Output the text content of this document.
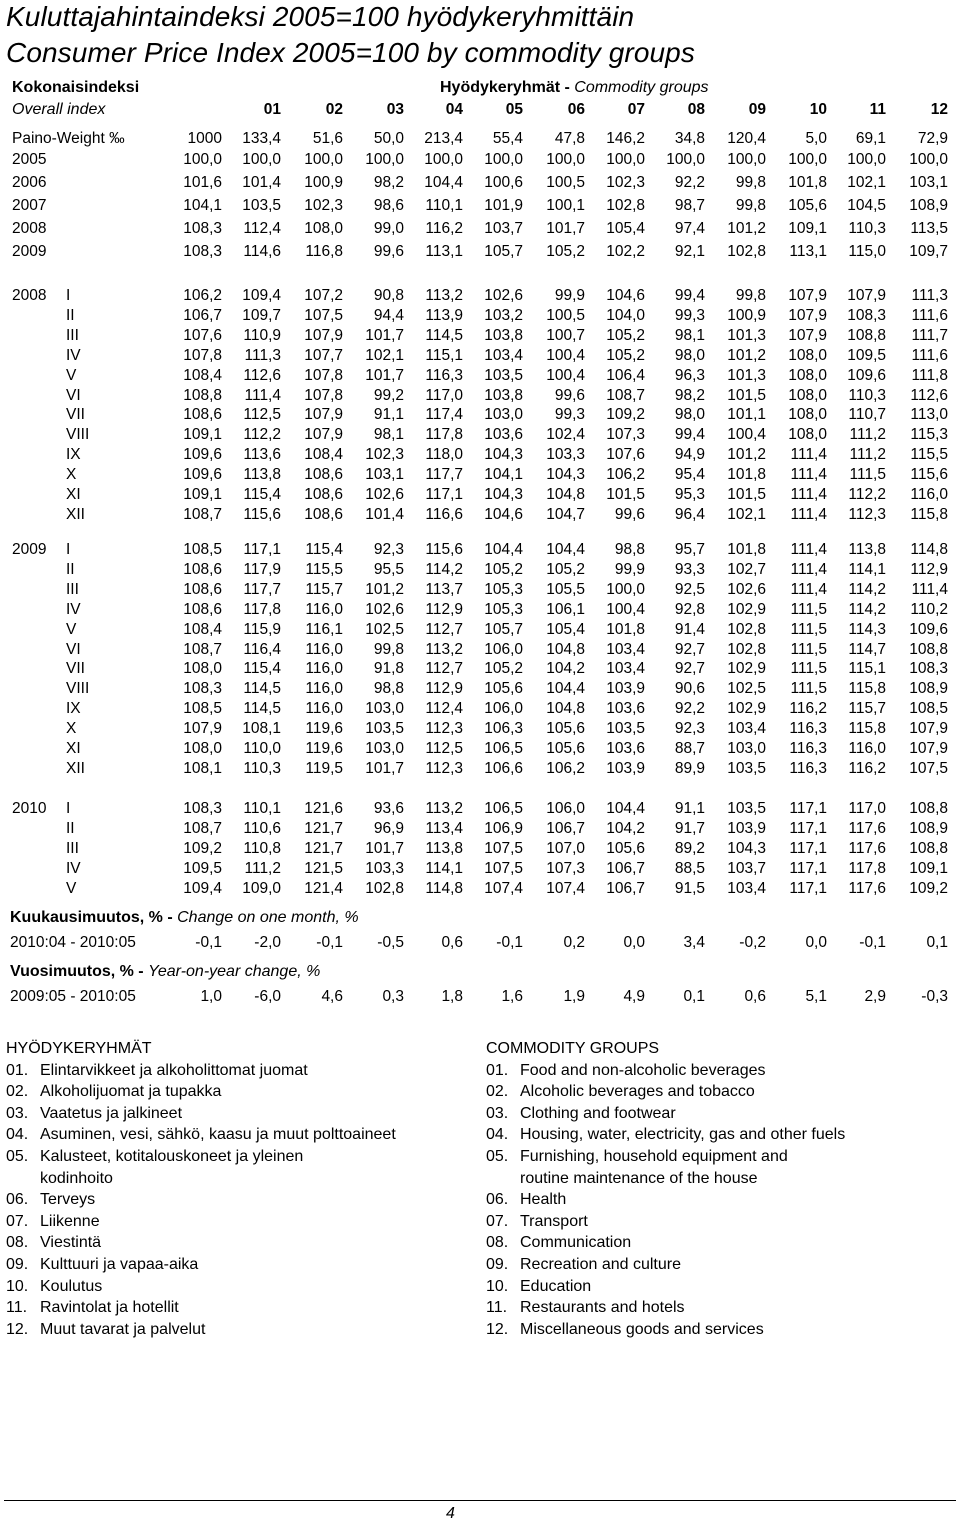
Kuluttajahintaindeksi 2005=100 hyödykeryhmittäin
Consumer Price Index 2005=100 by commodity groups
Kokonaisindeksi
Overall index
Hyödykeryhmät - Commodity groups
01	02	03	04	05	06	07	08	09	10	11	12
Paino-Weight ‰	1000	133,4	51,6	50,0	213,4	55,4	47,8	146,2	34,8	120,4	5,0	69,1	72,9
2005	100,0	100,0	100,0	100,0	100,0	100,0	100,0	100,0	100,0	100,0	100,0	100,0	100,0
2006	101,6	101,4	100,9	98,2	104,4	100,6	100,5	102,3	92,2	99,8	101,8	102,1	103,1
2007	104,1	103,5	102,3	98,6	110,1	101,9	100,1	102,8	98,7	99,8	105,6	104,5	108,9
2008	108,3	112,4	108,0	99,0	116,2	103,7	101,7	105,4	97,4	101,2	109,1	110,3	113,5
2009	108,3	114,6	116,8	99,6	113,1	105,7	105,2	102,2	92,1	102,8	113,1	115,0	109,7
2008 I	106,2	109,4	107,2	90,8	113,2	102,6	99,9	104,6	99,4	99,8	107,9	107,9	111,3
II	106,7	109,7	107,5	94,4	113,9	103,2	100,5	104,0	99,3	100,9	107,9	108,3	111,6
III	107,6	110,9	107,9	101,7	114,5	103,8	100,7	105,2	98,1	101,3	107,9	108,8	111,7
IV	107,8	111,3	107,7	102,1	115,1	103,4	100,4	105,2	98,0	101,2	108,0	109,5	111,6
V	108,4	112,6	107,8	101,7	116,3	103,5	100,4	106,4	96,3	101,3	108,0	109,6	111,8
VI	108,8	111,4	107,8	99,2	117,0	103,8	99,6	108,7	98,2	101,5	108,0	110,3	112,6
VII	108,6	112,5	107,9	91,1	117,4	103,0	99,3	109,2	98,0	101,1	108,0	110,7	113,0
VIII	109,1	112,2	107,9	98,1	117,8	103,6	102,4	107,3	99,4	100,4	108,0	111,2	115,3
IX	109,6	113,6	108,4	102,3	118,0	104,3	103,3	107,6	94,9	101,2	111,4	111,2	115,5
X	109,6	113,8	108,6	103,1	117,7	104,1	104,3	106,2	95,4	101,8	111,4	111,5	115,6
XI	109,1	115,4	108,6	102,6	117,1	104,3	104,8	101,5	95,3	101,5	111,4	112,2	116,0
XII	108,7	115,6	108,6	101,4	116,6	104,6	104,7	99,6	96,4	102,1	111,4	112,3	115,8
2009 I	108,5	117,1	115,4	92,3	115,6	104,4	104,4	98,8	95,7	101,8	111,4	113,8	114,8
II	108,6	117,9	115,5	95,5	114,2	105,2	105,2	99,9	93,3	102,7	111,4	114,1	112,9
III	108,6	117,7	115,7	101,2	113,7	105,3	105,5	100,0	92,5	102,6	111,4	114,2	111,4
IV	108,6	117,8	116,0	102,6	112,9	105,3	106,1	100,4	92,8	102,9	111,5	114,2	110,2
V	108,4	115,9	116,1	102,5	112,7	105,7	105,4	101,8	91,4	102,8	111,5	114,3	109,6
VI	108,7	116,4	116,0	99,8	113,2	106,0	104,8	103,4	92,7	102,8	111,5	114,7	108,8
VII	108,0	115,4	116,0	91,8	112,7	105,2	104,2	103,4	92,7	102,9	111,5	115,1	108,3
VIII	108,3	114,5	116,0	98,8	112,9	105,6	104,4	103,9	90,6	102,5	111,5	115,8	108,9
IX	108,5	114,5	116,0	103,0	112,4	106,0	104,8	103,6	92,2	102,9	116,2	115,7	108,5
X	107,9	108,1	119,6	103,5	112,3	106,3	105,6	103,5	92,3	103,4	116,3	115,8	107,9
XI	108,0	110,0	119,6	103,0	112,5	106,5	105,6	103,6	88,7	103,0	116,3	116,0	107,9
XII	108,1	110,3	119,5	101,7	112,3	106,6	106,2	103,9	89,9	103,5	116,3	116,2	107,5
2010 I	108,3	110,1	121,6	93,6	113,2	106,5	106,0	104,4	91,1	103,5	117,1	117,0	108,8
II	108,7	110,6	121,7	96,9	113,4	106,9	106,7	104,2	91,7	103,9	117,1	117,6	108,9
III	109,2	110,8	121,7	101,7	113,8	107,5	107,0	105,6	89,2	104,3	117,1	117,6	108,8
IV	109,5	111,2	121,5	103,3	114,1	107,5	107,3	106,7	88,5	103,7	117,1	117,8	109,1
V	109,4	109,0	121,4	102,8	114,8	107,4	107,4	106,7	91,5	103,4	117,1	117,6	109,2
2010:04 - 2010:05	-0,1	-2,0	-0,1	-0,5	0,6	-0,1	0,2	0,0	3,4	-0,2	0,0	-0,1	0,1
2009:05 - 2010:05	1,0	-6,0	4,6	0,3	1,8	1,6	1,9	4,9	0,1	0,6	5,1	2,9	-0,3
Kuukausimuutos, % - Change on one month, %
Vuosimuutos, % - Year-on-year change, %
HYÖDYKERYHMÄT
01. Elintarvikkeet ja alkoholittomat juomat
02. Alkoholijuomat ja tupakka
03. Vaatetus ja jalkineet
04. Asuminen, vesi, sähkö, kaasu ja muut polttoaineet
05. Kalusteet, kotitalouskoneet ja yleinen
kodinhoito
06. Terveys
07. Liikenne
08. Viestintä
09. Kulttuuri ja vapaa-aika
10. Koulutus
11. Ravintolat ja hotellit
12. Muut tavarat ja palvelut
COMMODITY GROUPS
01. Food and non-alcoholic beverages
02. Alcoholic beverages and tobacco
03. Clothing and footwear
04. Housing, water, electricity, gas and other fuels
05. Furnishing, household equipment and
routine maintenance of the house
06. Health
07. Transport
08. Communication
09. Recreation and culture
10. Education
11. Restaurants and hotels
12. Miscellaneous goods and services
4
